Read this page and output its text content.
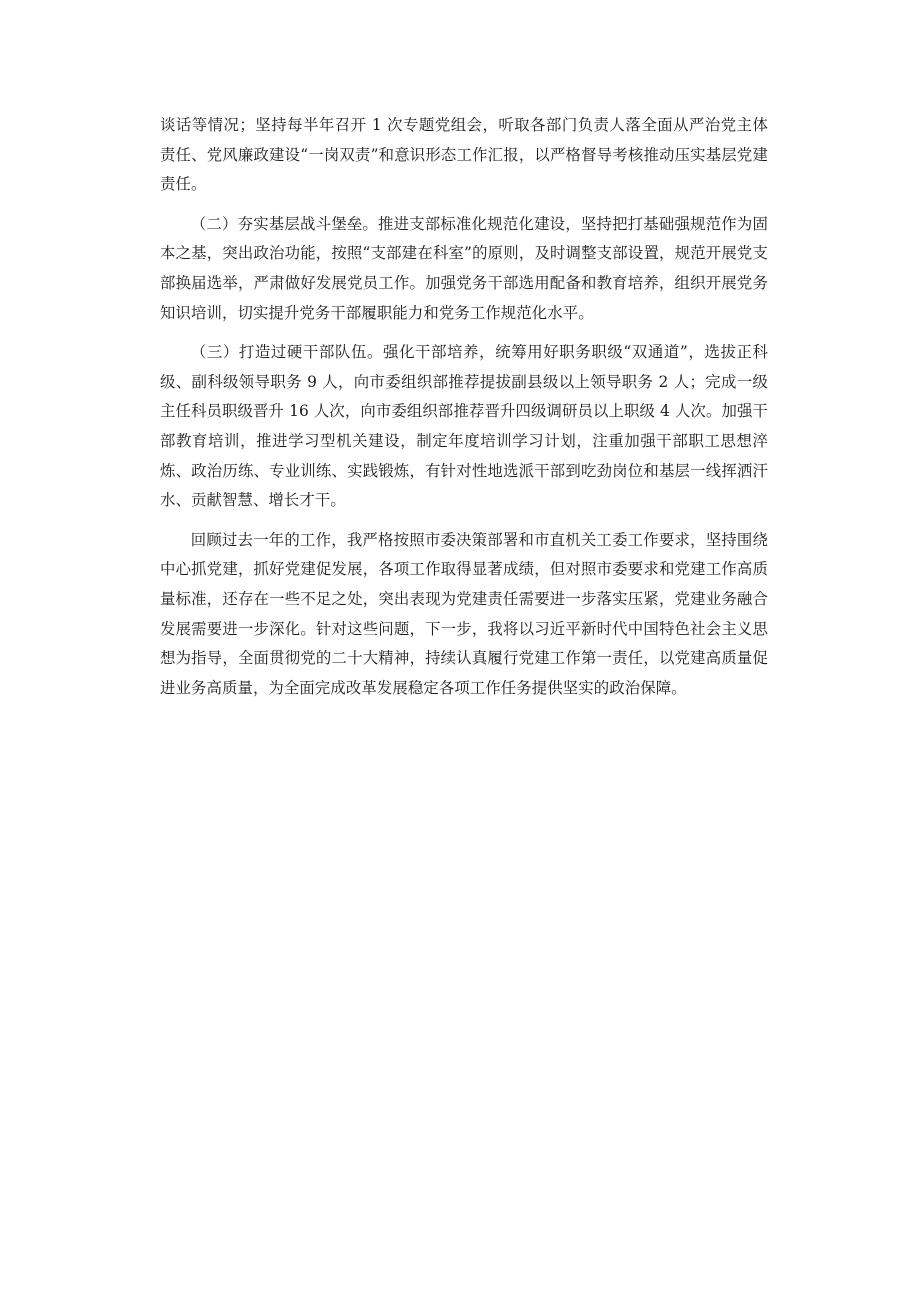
谈话等情况；坚持每半年召开 1 次专题党组会，听取各部门负责人落全面从严治党主体责任、党风廉政建设“一岗双责”和意识形态工作汇报，以严格督导考核推动压实基层党建责任。

（二）夯实基层战斗堡垒。推进支部标准化规范化建设，坚持把打基础强规范作为固本之基，突出政治功能，按照“支部建在科室”的原则，及时调整支部设置，规范开展党支部换届选举，严肃做好发展党员工作。加强党务干部选用配备和教育培养，组织开展党务知识培训，切实提升党务干部履职能力和党务工作规范化水平。

（三）打造过硬干部队伍。强化干部培养，统筹用好职务职级“双通道”，选拔正科级、副科级领导职务 9 人，向市委组织部推荐提拔副县级以上领导职务 2 人；完成一级主任科员职级晋升 16 人次，向市委组织部推荐晋升四级调研员以上职级 4 人次。加强干部教育培训，推进学习型机关建设，制定年度培训学习计划，注重加强干部职工思想淬炼、政治历练、专业训练、实践锻炼，有针对性地选派干部到吃劲岗位和基层一线挥洒汗水、贡献智慧、增长才干。

回顾过去一年的工作，我严格按照市委决策部署和市直机关工委工作要求，坚持围绕中心抓党建，抓好党建促发展，各项工作取得显著成绩，但对照市委要求和党建工作高质量标准，还存在一些不足之处，突出表现为党建责任需要进一步落实压紧，党建业务融合发展需要进一步深化。针对这些问题，下一步，我将以习近平新时代中国特色社会主义思想为指导，全面贯彻党的二十大精神，持续认真履行党建工作第一责任，以党建高质量促进业务高质量，为全面完成改革发展稳定各项工作任务提供坚实的政治保障。
